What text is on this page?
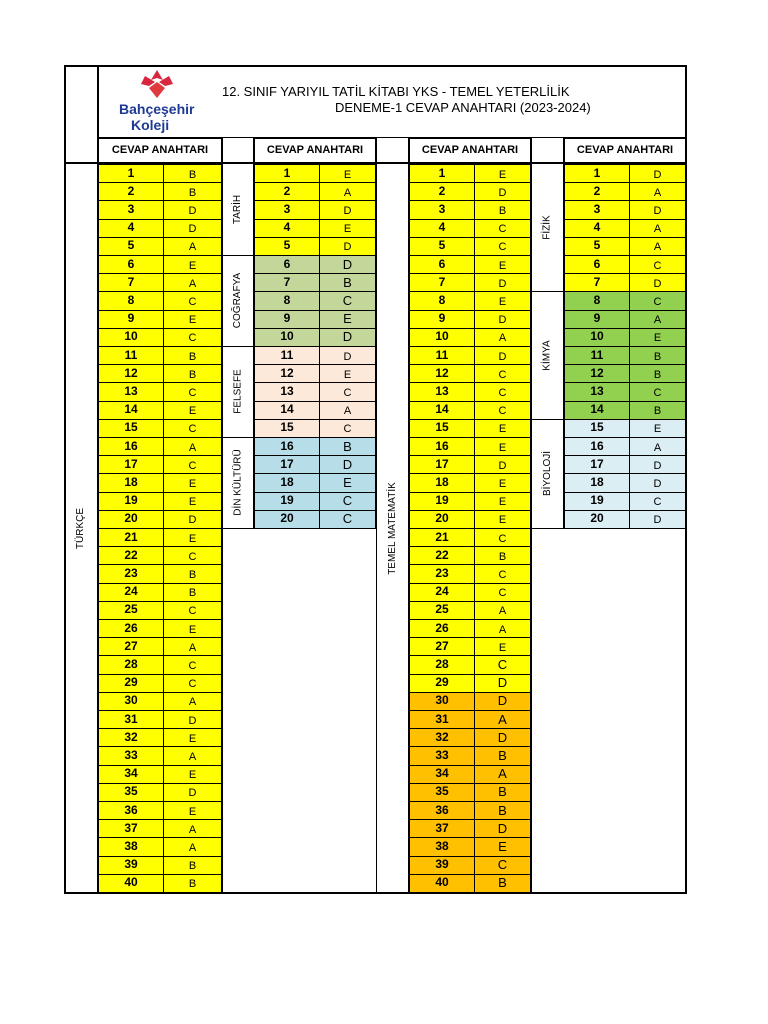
Bahçeşehir
Koleji
12. SINIF YARIYIL TATİL KİTABI YKS - TEMEL YETERLİLİK
DENEME-1 CEVAP ANAHTARI (2023-2024)
CEVAP ANAHTARI	CEVAP ANAHTARI	CEVAP ANAHTARI	CEVAP ANAHTARI
1	B
2	B
3	D
4	D
5	A
6	E
7	A
8	C
9	E
10	C
11	B
12	B
13	C
14	E
15	C
16	A
17	C
18	E
19	E
20	D
21	E
22	C
23	B
24	B
25	C
26	E
27	A
28	C
29	C
30	A
31	D
32	E
33	A
34	E
35	D
36	E
37	A
38	A
39	B
40	B
1	E
2	A
3	D
4	E
5	D
6	D
7	B
8	C
9	E
10	D
11	D
12	E
13	C
14	A
15	C
16	B
17	D
18	E
19	C
20	C
1	E
2	D
3	B
4	C
5	C
6	E
7	D
8	E
9	D
10	A
11	D
12	C
13	C
14	C
15	E
16	E
17	D
18	E
19	E
20	E
21	C
22	B
23	C
24	C
25	A
26	A
27	E
28	C
29	D
30	D
31	A
32	D
33	B
34	A
35	B
36	B
37	D
38	E
39	C
40	B
1	D
2	A
3	D
4	A
5	A
6	C
7	D
8	C
9	A
10	E
11	B
12	B
13	C
14	B
15	E
16	A
17	D
18	D
19	C
20	D
TÜRKÇE
TARİH
COĞRAFYA
FELSEFE
DİN KÜLTÜRÜ	TEMEL MATEMATİK
FİZİK
KİMYA
BİYOLOJİ
